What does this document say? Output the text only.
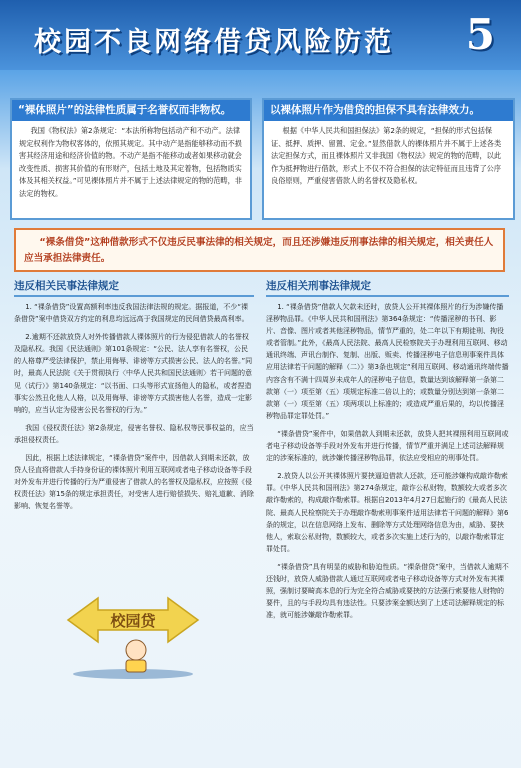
校园不良网络借贷风险防范	5
“裸体照片”的法律性质属于名誉权而非物权。

我国《物权法》第2条规定：“本法所称物包括动产和不动产。法律规定权利作为物权客体的，依照其规定。其中动产是指能够移动而不损害其经济用途和经济价值的物。不动产是指不能移动或者如果移动就会改变性质、损害其价值的有形财产，包括土地及其定着物，包括物质实体及其相关权益。”可见裸体照片并不属于上述法律规定的物的范畴，非法定的物权。

以裸体照片作为借贷的担保不具有法律效力。

根据《中华人民共和国担保法》第2条的规定，“担保的形式包括保证、抵押、质押、留置、定金。”显然借款人的裸体照片并不属于上述各类法定担保方式，而且裸体照片又非我国《物权法》规定的物的范畴，以此作为抵押物进行借款，形式上不仅不符合担保的法定特征而且违背了公序良俗原则，严重侵害借款人的名誉权及隐私权。

“裸条借贷”这种借款形式不仅违反民事法律的相关规定，而且还涉嫌违反刑事法律的相关规定，相关责任人应当承担法律责任。

违反相关民事法律规定

1. “裸条借贷”设置高额利率违反我国法律法规的规定。据报道，不少“裸条借贷”案中借贷双方约定的利息均远远高于我国规定的民间借贷最高利率。

2.逾期不还款放贷人对外传播借款人裸体照片的行为侵犯借款人的名誉权及隐私权。我国《民法通则》第101条规定：“公民、法人享有名誉权，公民的人格尊严受法律保护，禁止用侮辱、诽谤等方式损害公民、法人的名誉。”同时，最高人民法院《关于贯彻执行〈中华人民共和国民法通则〉若干问题的意见（试行）》第140条规定：“以书面、口头等形式宣扬他人的隐私，或者捏造事实公然丑化他人人格，以及用侮辱、诽谤等方式损害他人名誉，造成一定影响的，应当认定为侵害公民名誉权的行为。”

我国《侵权责任法》第2条规定，侵害名誉权、隐私权等民事权益的，应当承担侵权责任。

因此，根据上述法律规定，“裸条借贷”案件中，因借款人到期未还款，放贷人径直将借款人手持身份证的裸体照片利用互联网或者电子移动设备等手段对外发布并进行传播的行为严重侵害了借款人的名誉权及隐私权，应按照《侵权责任法》第15条的规定承担责任，对受害人进行赔偿损失、赔礼道歉、消除影响、恢复名誉等。

违反相关刑事法律规定

1. “裸条借贷”借款人欠款未还时，放贷人公开其裸体照片的行为涉嫌传播淫秽物品罪。《中华人民共和国刑法》第364条规定：“传播淫秽的书刊、影片、音像、图片或者其他淫秽物品，情节严重的，处二年以下有期徒刑、拘役或者管制。”此外，《最高人民法院、最高人民检察院关于办理利用互联网、移动通讯终端、声讯台制作、复制、出版、贩卖、传播淫秽电子信息刑事案件具体应用法律若干问题的解释（二）》第3条也规定“利用互联网、移动通讯终端传播内容含有不满十四周岁未成年人的淫秽电子信息，数量达到该解释第一条第二款第（一）项至第（五）项规定标准二倍以上的；或数量分别达到第一条第二款第（一）项至第（五）项两项以上标准的；或造成严重后果的，均以传播淫秽物品罪定罪处罚。”

“裸条借贷”案件中，如果借款人到期未还款，放贷人把其裸照利用互联网或者电子移动设备等手段对外发布并进行传播，情节严重并满足上述司法解释规定的涉案标准的，就涉嫌传播淫秽物品罪，依法应受相应的刑事处罚。

2.放贷人以公开其裸体照片要挟逼迫借款人还款，还可能涉嫌构成敲诈勒索罪。《中华人民共和国刑法》第274条规定，敲诈公私财物，数额较大或者多次敲诈勒索的，构成敲诈勒索罪。根据自2013年4月27日起施行的《最高人民法院、最高人民检察院关于办理敲诈勒索刑事案件适用法律若干问题的解释》第6条的规定，以在信息网络上发布、删除等方式处理网络信息为由，威胁、要挟他人，索取公私财物，数额较大，或者多次实施上述行为的，以敲诈勒索罪定罪处罚。

“裸条借贷”具有明显的威胁和胁迫性质。“裸条借贷”案中，当借款人逾期不还钱时，放贷人威胁借款人通过互联网或者电子移动设备等方式对外发布其裸照，强制讨要畸高本息的行为完全符合威胁或要挟的方法强行索要他人财物的要件，且的与手段均具有违法性。只要涉案金额达到了上述司法解释规定的标准，就可能涉嫌敲诈勒索罪。

校园贷
